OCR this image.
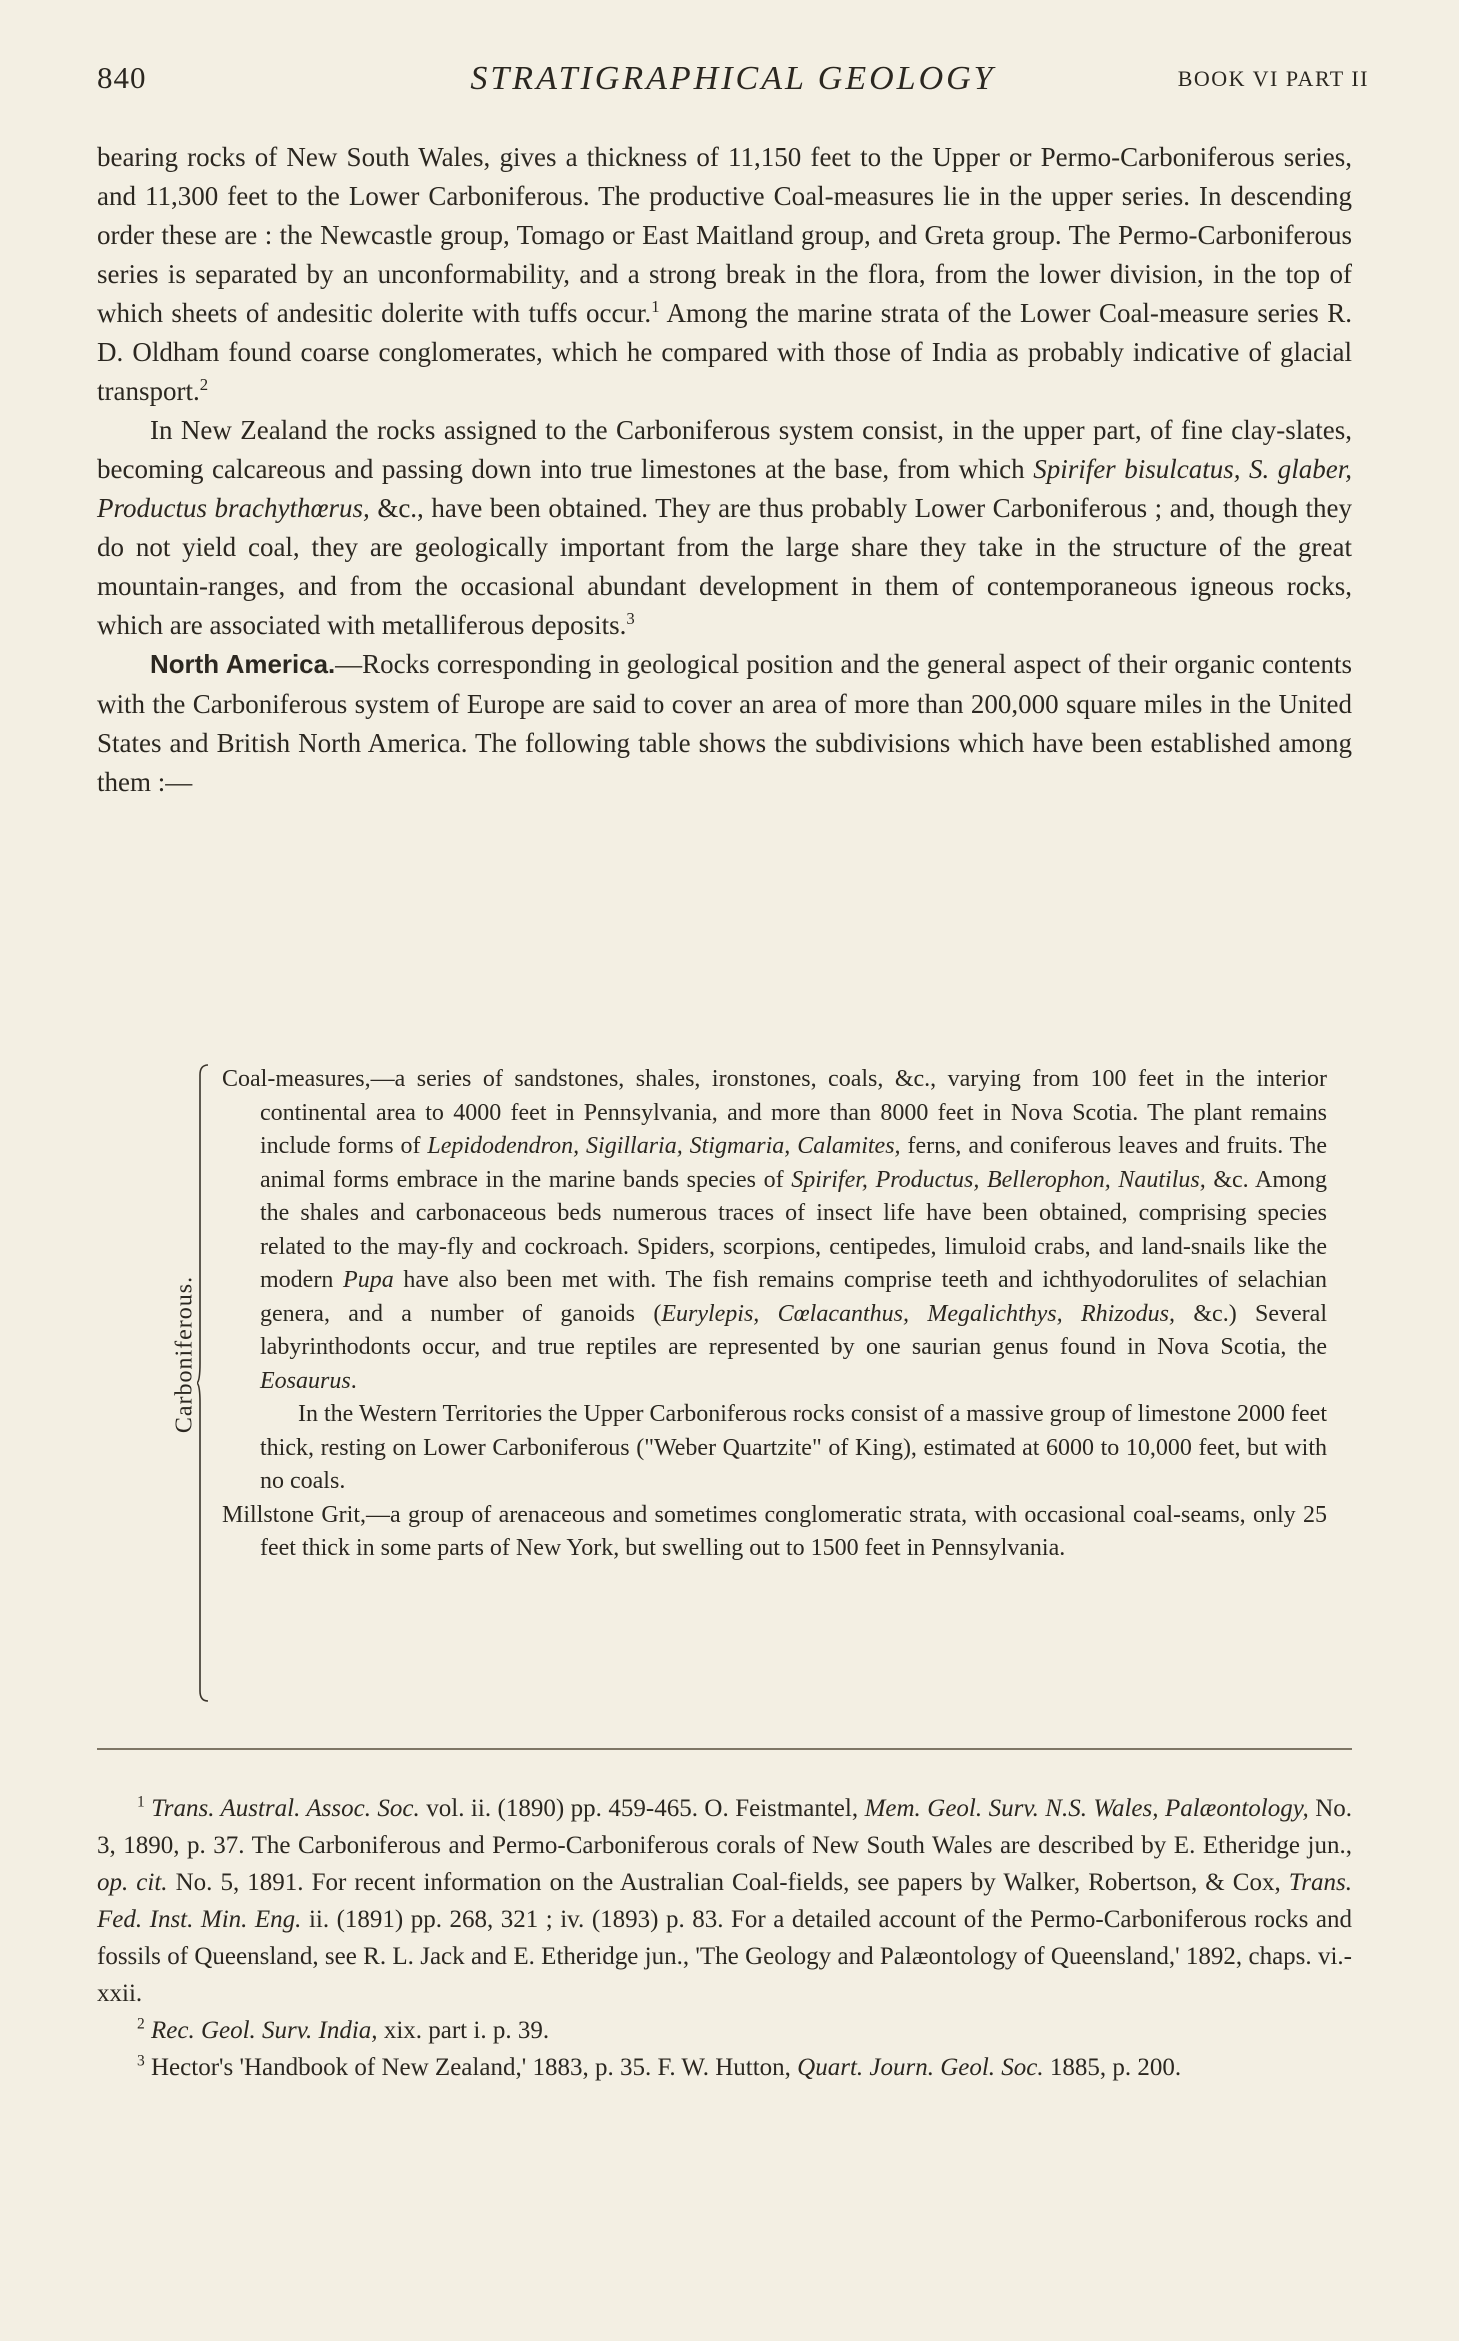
840	STRATIGRAPHICAL GEOLOGY	BOOK VI PART II

bearing rocks of New South Wales, gives a thickness of 11,150 feet to the Upper or Permo-Carboniferous series, and 11,300 feet to the Lower Carboniferous. The productive Coal-measures lie in the upper series. In descending order these are : the Newcastle group, Tomago or East Maitland group, and Greta group. The Permo-Carboniferous series is separated by an unconformability, and a strong break in the flora, from the lower division, in the top of which sheets of andesitic dolerite with tuffs occur.$^1$ Among the marine strata of the Lower Coal-measure series R. D. Oldham found coarse conglomerates, which he compared with those of India as probably indicative of glacial transport.$^2$

In New Zealand the rocks assigned to the Carboniferous system consist, in the upper part, of fine clay-slates, becoming calcareous and passing down into true limestones at the base, from which Spirifer bisulcatus, S. glaber, Productus brachythœrus, &c., have been obtained. They are thus probably Lower Carboniferous ; and, though they do not yield coal, they are geologically important from the large share they take in the structure of the great mountain-ranges, and from the occasional abundant development in them of contemporaneous igneous rocks, which are associated with metalliferous deposits.$^3$

North America.—Rocks corresponding in geological position and the general aspect of their organic contents with the Carboniferous system of Europe are said to cover an area of more than 200,000 square miles in the United States and British North America. The following table shows the subdivisions which have been established among them :—

Carboniferous.

Coal-measures,—a series of sandstones, shales, ironstones, coals, &c., varying from 100 feet in the interior continental area to 4000 feet in Pennsylvania, and more than 8000 feet in Nova Scotia. The plant remains include forms of Lepidodendron, Sigillaria, Stigmaria, Calamites, ferns, and coniferous leaves and fruits. The animal forms embrace in the marine bands species of Spirifer, Productus, Bellerophon, Nautilus, &c. Among the shales and carbonaceous beds numerous traces of insect life have been obtained, comprising species related to the may-fly and cockroach. Spiders, scorpions, centipedes, limuloid crabs, and land-snails like the modern Pupa have also been met with. The fish remains comprise teeth and ichthyodorulites of selachian genera, and a number of ganoids (Eurylepis, Cœlacanthus, Megalichthys, Rhizodus, &c.) Several labyrinthodonts occur, and true reptiles are represented by one saurian genus found in Nova Scotia, the Eosaurus.
In the Western Territories the Upper Carboniferous rocks consist of a massive group of limestone 2000 feet thick, resting on Lower Carboniferous ("Weber Quartzite" of King), estimated at 6000 to 10,000 feet, but with no coals.

Millstone Grit,—a group of arenaceous and sometimes conglomeratic strata, with occasional coal-seams, only 25 feet thick in some parts of New York, but swelling out to 1500 feet in Pennsylvania.

$^1$ Trans. Austral. Assoc. Soc. vol. ii. (1890) pp. 459-465. O. Feistmantel, Mem. Geol. Surv. N.S. Wales, Palæontology, No. 3, 1890, p. 37. The Carboniferous and Permo-Carboniferous corals of New South Wales are described by E. Etheridge jun., op. cit. No. 5, 1891. For recent information on the Australian Coal-fields, see papers by Walker, Robertson, & Cox, Trans. Fed. Inst. Min. Eng. ii. (1891) pp. 268, 321 ; iv. (1893) p. 83. For a detailed account of the Permo-Carboniferous rocks and fossils of Queensland, see R. L. Jack and E. Etheridge jun., 'The Geology and Palæontology of Queensland,' 1892, chaps. vi.-xxii.

$^2$ Rec. Geol. Surv. India, xix. part i. p. 39.

$^3$ Hector's 'Handbook of New Zealand,' 1883, p. 35. F. W. Hutton, Quart. Journ. Geol. Soc. 1885, p. 200.
